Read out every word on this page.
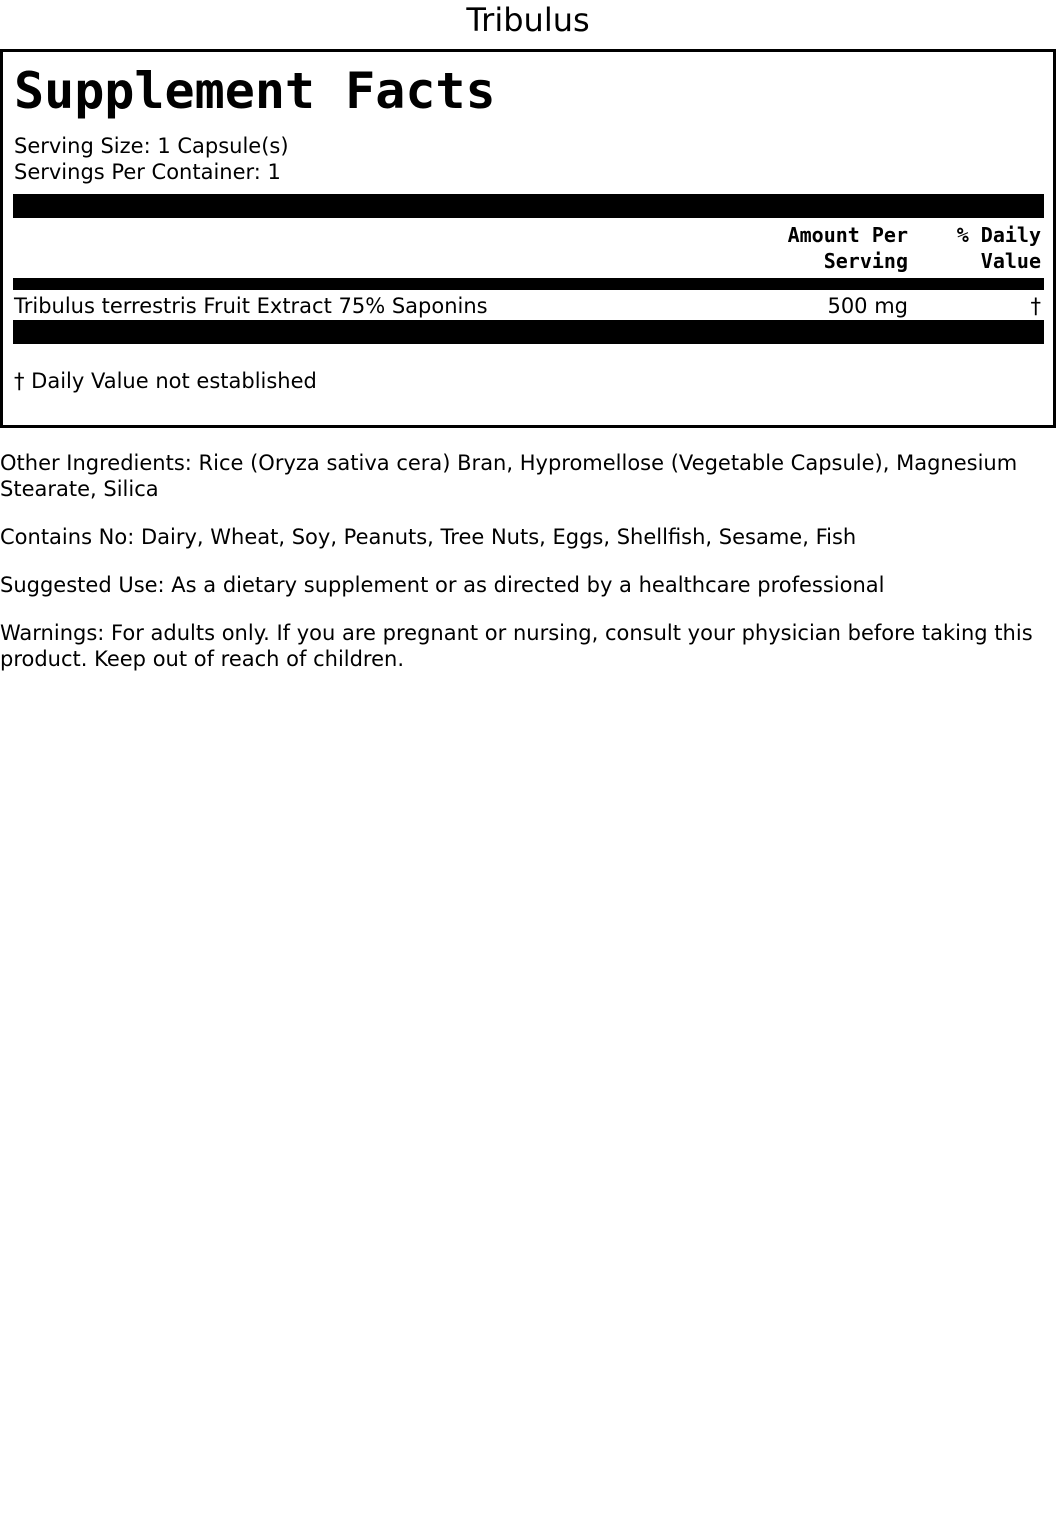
Tribulus
Supplement Facts
Serving Size: 1 Capsule(s)
Servings Per Container: 1
Amount Per
Serving
% Daily
Value
Tribulus terrestris Fruit Extract 75% Saponins	500 mg	†
† Daily Value not established
Other Ingredients: Rice (Oryza sativa cera) Bran, Hypromellose (Vegetable Capsule), Magnesium Stearate, Silica
Contains No: Dairy, Wheat, Soy, Peanuts, Tree Nuts, Eggs, Shellfish, Sesame, Fish
Suggested Use: As a dietary supplement or as directed by a healthcare professional
Warnings: For adults only. If you are pregnant or nursing, consult your physician before taking this product. Keep out of reach of children.
